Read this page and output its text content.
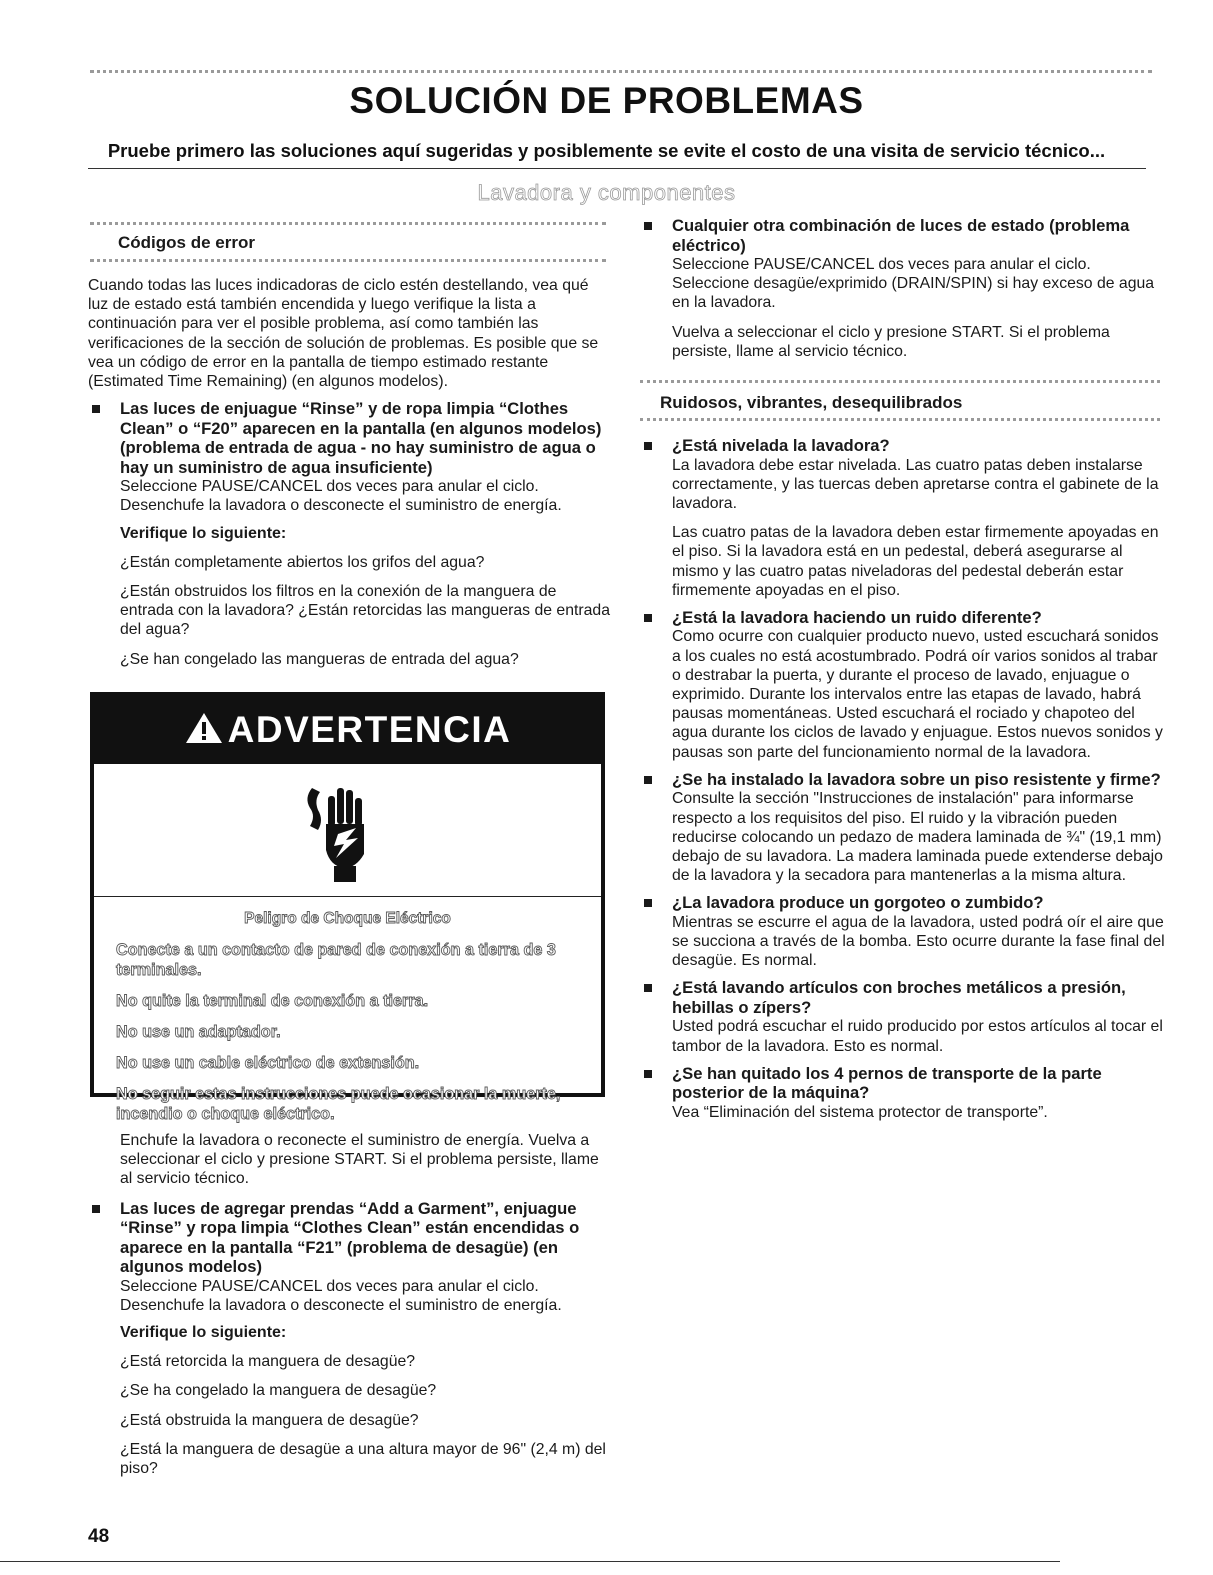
SOLUCIÓN DE PROBLEMAS
Pruebe primero las soluciones aquí sugeridas y posiblemente se evite el costo de una visita de servicio técnico...
Lavadora y componentes
Códigos de error

Cuando todas las luces indicadoras de ciclo estén destellando, vea qué luz de estado está también encendida y luego verifique la lista a continuación para ver el posible problema, así como también las verificaciones de la sección de solución de problemas. Es posible que se vea un código de error en la pantalla de tiempo estimado restante (Estimated Time Remaining) (en algunos modelos).

Las luces de enjuague “Rinse” y de ropa limpia “Clothes Clean” o “F20” aparecen en la pantalla (en algunos modelos) (problema de entrada de agua - no hay suministro de agua o hay un suministro de agua insuficiente)
Seleccione PAUSE/CANCEL dos veces para anular el ciclo. Desenchufe la lavadora o desconecte el suministro de energía.
Verifique lo siguiente:

¿Están completamente abiertos los grifos del agua?

¿Están obstruidos los filtros en la conexión de la manguera de entrada con la lavadora? ¿Están retorcidas las mangueras de entrada del agua?

¿Se han congelado las mangueras de entrada del agua?

ADVERTENCIA

Peligro de Choque Eléctrico

Conecte a un contacto de pared de conexión a tierra de 3 terminales.

No quite la terminal de conexión a tierra.

No use un adaptador.

No use un cable eléctrico de extensión.

No seguir estas instrucciones puede ocasionar la muerte, incendio o choque eléctrico.

Enchufe la lavadora o reconecte el suministro de energía. Vuelva a seleccionar el ciclo y presione START. Si el problema persiste, llame al servicio técnico.

Las luces de agregar prendas “Add a Garment”, enjuague “Rinse” y ropa limpia “Clothes Clean” están encendidas o aparece en la pantalla “F21” (problema de desagüe) (en algunos modelos)
Seleccione PAUSE/CANCEL dos veces para anular el ciclo. Desenchufe la lavadora o desconecte el suministro de energía.
Verifique lo siguiente:

¿Está retorcida la manguera de desagüe?

¿Se ha congelado la manguera de desagüe?

¿Está obstruida la manguera de desagüe?

¿Está la manguera de desagüe a una altura mayor de 96" (2,4 m) del piso?

Cualquier otra combinación de luces de estado (problema eléctrico)

Seleccione PAUSE/CANCEL dos veces para anular el ciclo. Seleccione desagüe/exprimido (DRAIN/SPIN) si hay exceso de agua en la lavadora.

Vuelva a seleccionar el ciclo y presione START. Si el problema persiste, llame al servicio técnico.

Ruidosos, vibrantes, desequilibrados
¿Está nivelada la lavadora?

La lavadora debe estar nivelada. Las cuatro patas deben instalarse correctamente, y las tuercas deben apretarse contra el gabinete de la lavadora.

Las cuatro patas de la lavadora deben estar firmemente apoyadas en el piso. Si la lavadora está en un pedestal, deberá asegurarse al mismo y las cuatro patas niveladoras del pedestal deberán estar firmemente apoyadas en el piso.

¿Está la lavadora haciendo un ruido diferente?
Como ocurre con cualquier producto nuevo, usted escuchará sonidos a los cuales no está acostumbrado. Podrá oír varios sonidos al trabar o destrabar la puerta, y durante el proceso de lavado, enjuague o exprimido. Durante los intervalos entre las etapas de lavado, habrá pausas momentáneas. Usted escuchará el rociado y chapoteo del agua durante los ciclos de lavado y enjuague. Estos nuevos sonidos y pausas son parte del funcionamiento normal de la lavadora.
¿Se ha instalado la lavadora sobre un piso resistente y firme?
Consulte la sección "Instrucciones de instalación" para informarse respecto a los requisitos del piso. El ruido y la vibración pueden reducirse colocando un pedazo de madera laminada de ¾" (19,1 mm) debajo de su lavadora. La madera laminada puede extenderse debajo de la lavadora y la secadora para mantenerlas a la misma altura.
¿La lavadora produce un gorgoteo o zumbido?
Mientras se escurre el agua de la lavadora, usted podrá oír el aire que se succiona a través de la bomba. Esto ocurre durante la fase final del desagüe. Es normal.
¿Está lavando artículos con broches metálicos a presión, hebillas o zípers?
Usted podrá escuchar el ruido producido por estos artículos al tocar el tambor de la lavadora. Esto es normal.
¿Se han quitado los 4 pernos de transporte de la parte posterior de la máquina?
Vea “Eliminación del sistema protector de transporte”.
48
